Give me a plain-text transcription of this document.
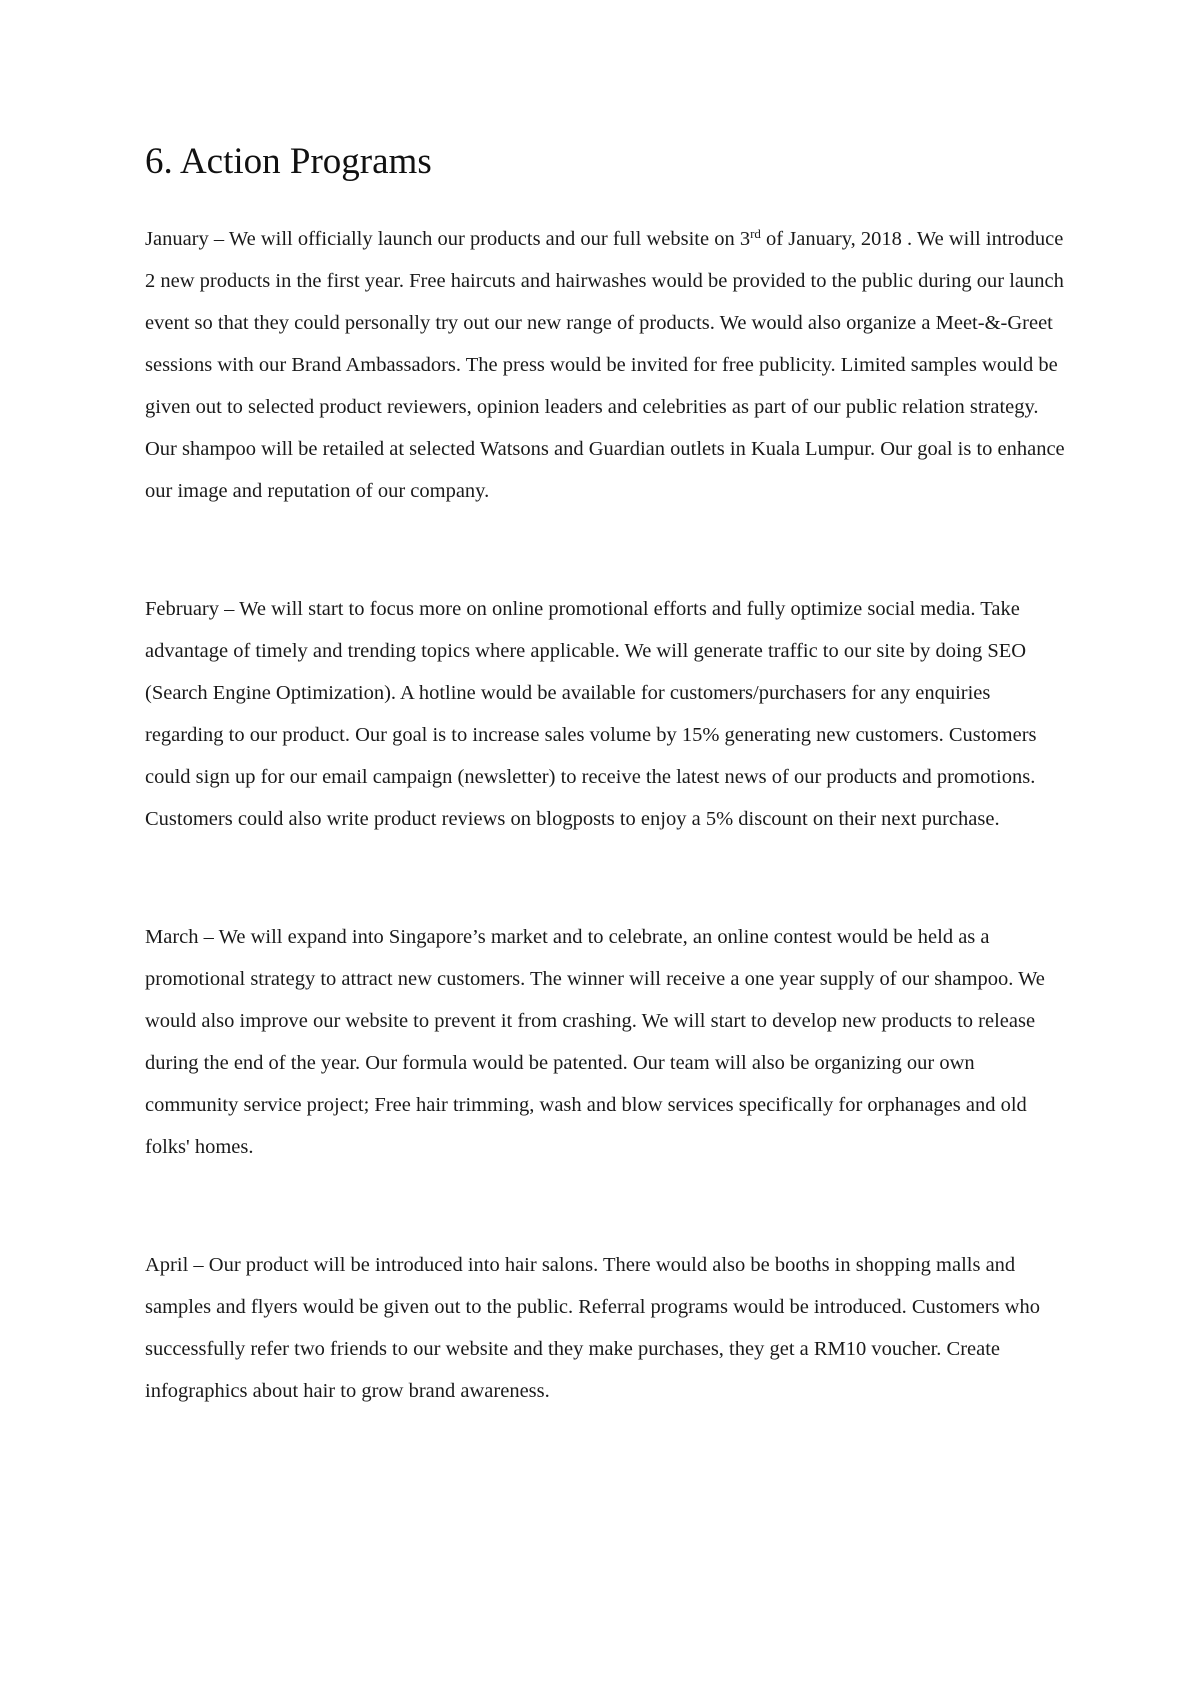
6. Action Programs

January – We will officially launch our products and our full website on 3rd of January, 2018 . We will introduce 2 new products in the first year. Free haircuts and hairwashes would be provided to the public during our launch event so that they could personally try out our new range of products. We would also organize a Meet-&-Greet sessions with our Brand Ambassadors. The press would be invited for free publicity. Limited samples would be given out to selected product reviewers, opinion leaders and celebrities as part of our public relation strategy. Our shampoo will be retailed at selected Watsons and Guardian outlets in Kuala Lumpur. Our goal is to enhance our image and reputation of our company.

February – We will start to focus more on online promotional efforts and fully optimize social media. Take advantage of timely and trending topics where applicable. We will generate traffic to our site by doing SEO (Search Engine Optimization). A hotline would be available for customers/purchasers for any enquiries regarding to our product. Our goal is to increase sales volume by 15% generating new customers. Customers could sign up for our email campaign (newsletter) to receive the latest news of our products and promotions. Customers could also write product reviews on blogposts to enjoy a 5% discount on their next purchase.

March – We will expand into Singapore’s market and to celebrate, an online contest would be held as a promotional strategy to attract new customers. The winner will receive a one year supply of our shampoo. We would also improve our website to prevent it from crashing. We will start to develop new products to release during the end of the year. Our formula would be patented. Our team will also be organizing our own community service project; Free hair trimming, wash and blow services specifically for orphanages and old folks' homes.

April – Our product will be introduced into hair salons. There would also be booths in shopping malls and samples and flyers would be given out to the public. Referral programs would be introduced. Customers who successfully refer two friends to our website and they make purchases, they get a RM10 voucher. Create infographics about hair to grow brand awareness.
